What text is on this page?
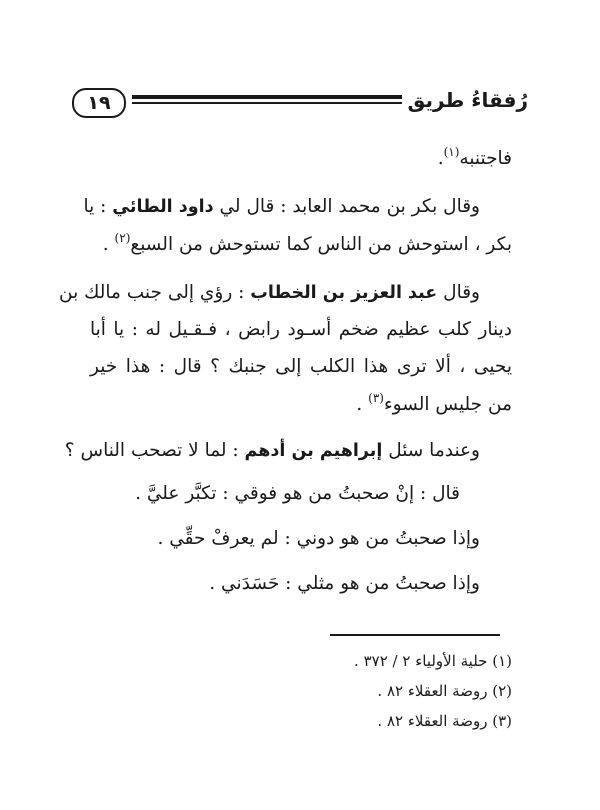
١٩	رُفقاءُ طريق
فاجتنبه$^{(١)}$.
وقال بكر بن محمد العابد : قال لي داود الطائي : يا
بكر ، استوحش من الناس كما تستوحش من السبع$^{(٢)}$ .
وقال عبد العزيز بن الخطاب : رؤي إلى جنب مالك بن
دينار كلب عظيم ضخم أسـود رابض ، فـقـيل له : يا أبا
يحيى ، ألا ترى هذا الكلب إلى جنبك ؟ قال : هذا خير
من جليس السوء$^{(٣)}$ .
وعندما سئل إبراهيم بن أدهم : لما لا تصحب الناس ؟
قال : إنْ صحبتُ من هو فوقي : تكبَّر عليَّ .
وإذا صحبتُ من هو دوني : لم يعرفْ حقِّي .
وإذا صحبتُ من هو مثلي : حَسَدَني .
(١) حلية الأولياء ٢ / ٣٧٢ .
(٢) روضة العقلاء ٨٢ .
(٣) روضة العقلاء ٨٢ .
